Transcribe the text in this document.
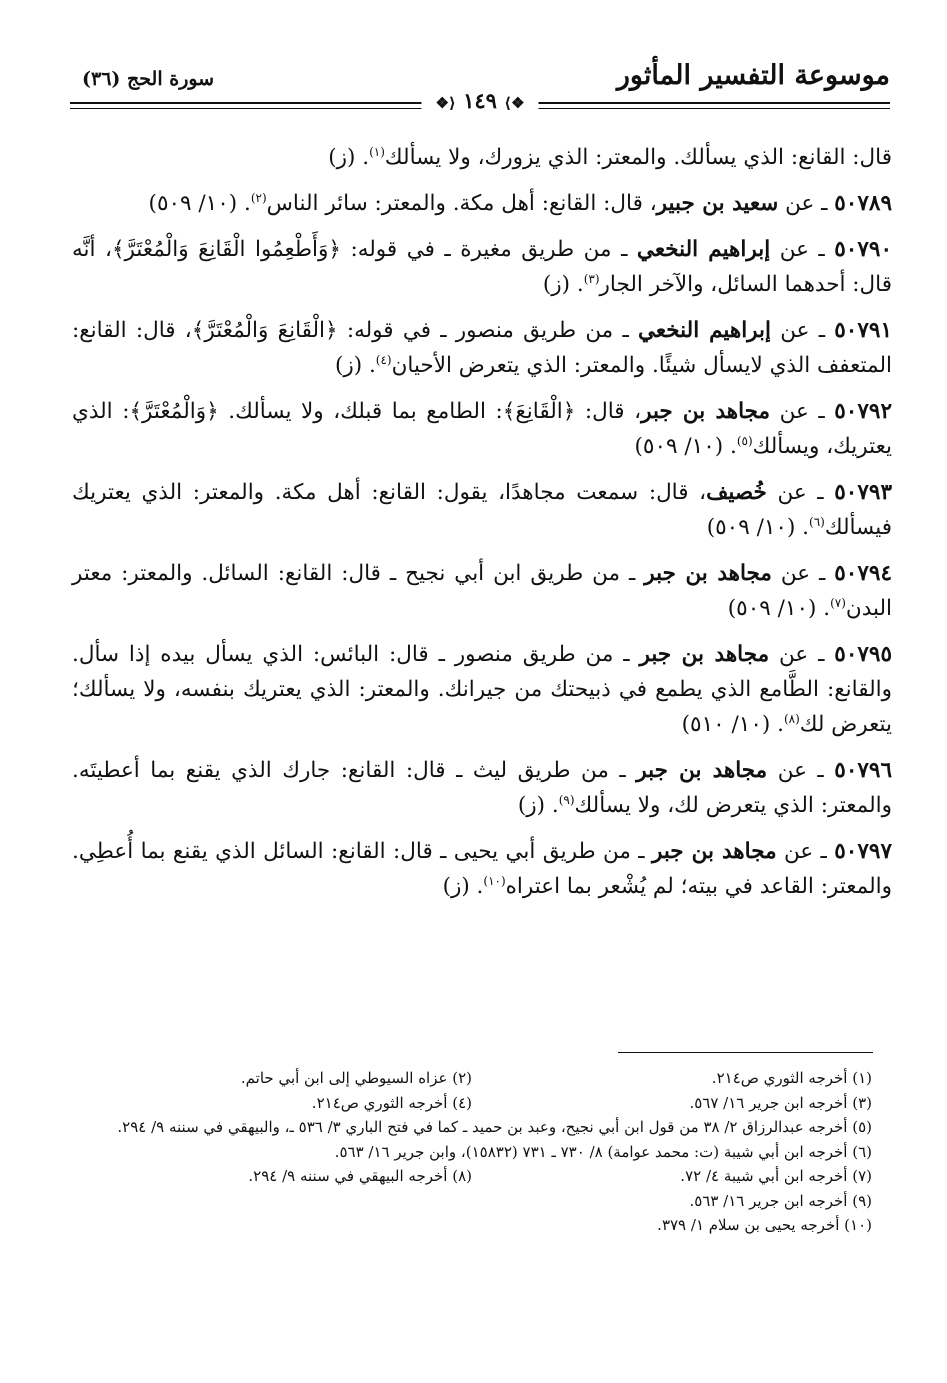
موسوعة التفسير المأثور
سورة الحج (٣٦)
❖⟩ ١٤٩ ⟨❖

قال: القانع: الذي يسألك. والمعتر: الذي يزورك، ولا يسألك$^{(١)}$. (ز)

٥٠٧٨٩ ـ عن سعيد بن جبير، قال: القانع: أهل مكة. والمعتر: سائر الناس$^{(٢)}$. (١٠/ ٥٠٩)

٥٠٧٩٠ ـ عن إبراهيم النخعي ـ من طريق مغيرة ـ في قوله: ﴿وَأَطْعِمُوا الْقَانِعَ وَالْمُعْتَرَّ﴾، أنَّه قال: أحدهما السائل، والآخر الجار$^{(٣)}$. (ز)

٥٠٧٩١ ـ عن إبراهيم النخعي ـ من طريق منصور ـ في قوله: ﴿الْقَانِعَ وَالْمُعْتَرَّ﴾، قال: القانع: المتعفف الذي لايسأل شيئًا. والمعتر: الذي يتعرض الأحيان$^{(٤)}$. (ز)

٥٠٧٩٢ ـ عن مجاهد بن جبر، قال: ﴿الْقَانِعَ﴾: الطامع بما قبلك، ولا يسألك. ﴿وَالْمُعْتَرَّ﴾: الذي يعتريك، ويسألك$^{(٥)}$. (١٠/ ٥٠٩)

٥٠٧٩٣ ـ عن خُصيف، قال: سمعت مجاهدًا، يقول: القانع: أهل مكة. والمعتر: الذي يعتريك فيسألك$^{(٦)}$. (١٠/ ٥٠٩)

٥٠٧٩٤ ـ عن مجاهد بن جبر ـ من طريق ابن أبي نجيح ـ قال: القانع: السائل. والمعتر: معتر البدن$^{(٧)}$. (١٠/ ٥٠٩)

٥٠٧٩٥ ـ عن مجاهد بن جبر ـ من طريق منصور ـ قال: البائس: الذي يسأل بيده إذا سأل. والقانع: الطَّامع الذي يطمع في ذبيحتك من جيرانك. والمعتر: الذي يعتريك بنفسه، ولا يسألك؛ يتعرض لك$^{(٨)}$. (١٠/ ٥١٠)

٥٠٧٩٦ ـ عن مجاهد بن جبر ـ من طريق ليث ـ قال: القانع: جارك الذي يقنع بما أعطيتَه. والمعتر: الذي يتعرض لك، ولا يسألك$^{(٩)}$. (ز)

٥٠٧٩٧ ـ عن مجاهد بن جبر ـ من طريق أبي يحيى ـ قال: القانع: السائل الذي يقنع بما أُعطِي. والمعتر: القاعد في بيته؛ لم يُشْعر بما اعتراه$^{(١٠)}$. (ز)

(١) أخرجه الثوري ص٢١٤.
(٢) عزاه السيوطي إلى ابن أبي حاتم.
(٣) أخرجه ابن جرير ١٦/ ٥٦٧.
(٤) أخرجه الثوري ص٢١٤.
(٥) أخرجه عبدالرزاق ٢/ ٣٨ من قول ابن أبي نجيح، وعبد بن حميد ـ كما في فتح الباري ٣/ ٥٣٦ ـ، والبيهقي في سننه ٩/ ٢٩٤.
(٦) أخرجه ابن أبي شيبة (ت: محمد عوامة) ٨/ ٧٣٠ ـ ٧٣١ (١٥٨٣٢)، وابن جرير ١٦/ ٥٦٣.
(٧) أخرجه ابن أبي شيبة ٤/ ٧٢.
(٨) أخرجه البيهقي في سننه ٩/ ٢٩٤.
(٩) أخرجه ابن جرير ١٦/ ٥٦٣.
(١٠) أخرجه يحيى بن سلام ١/ ٣٧٩.
